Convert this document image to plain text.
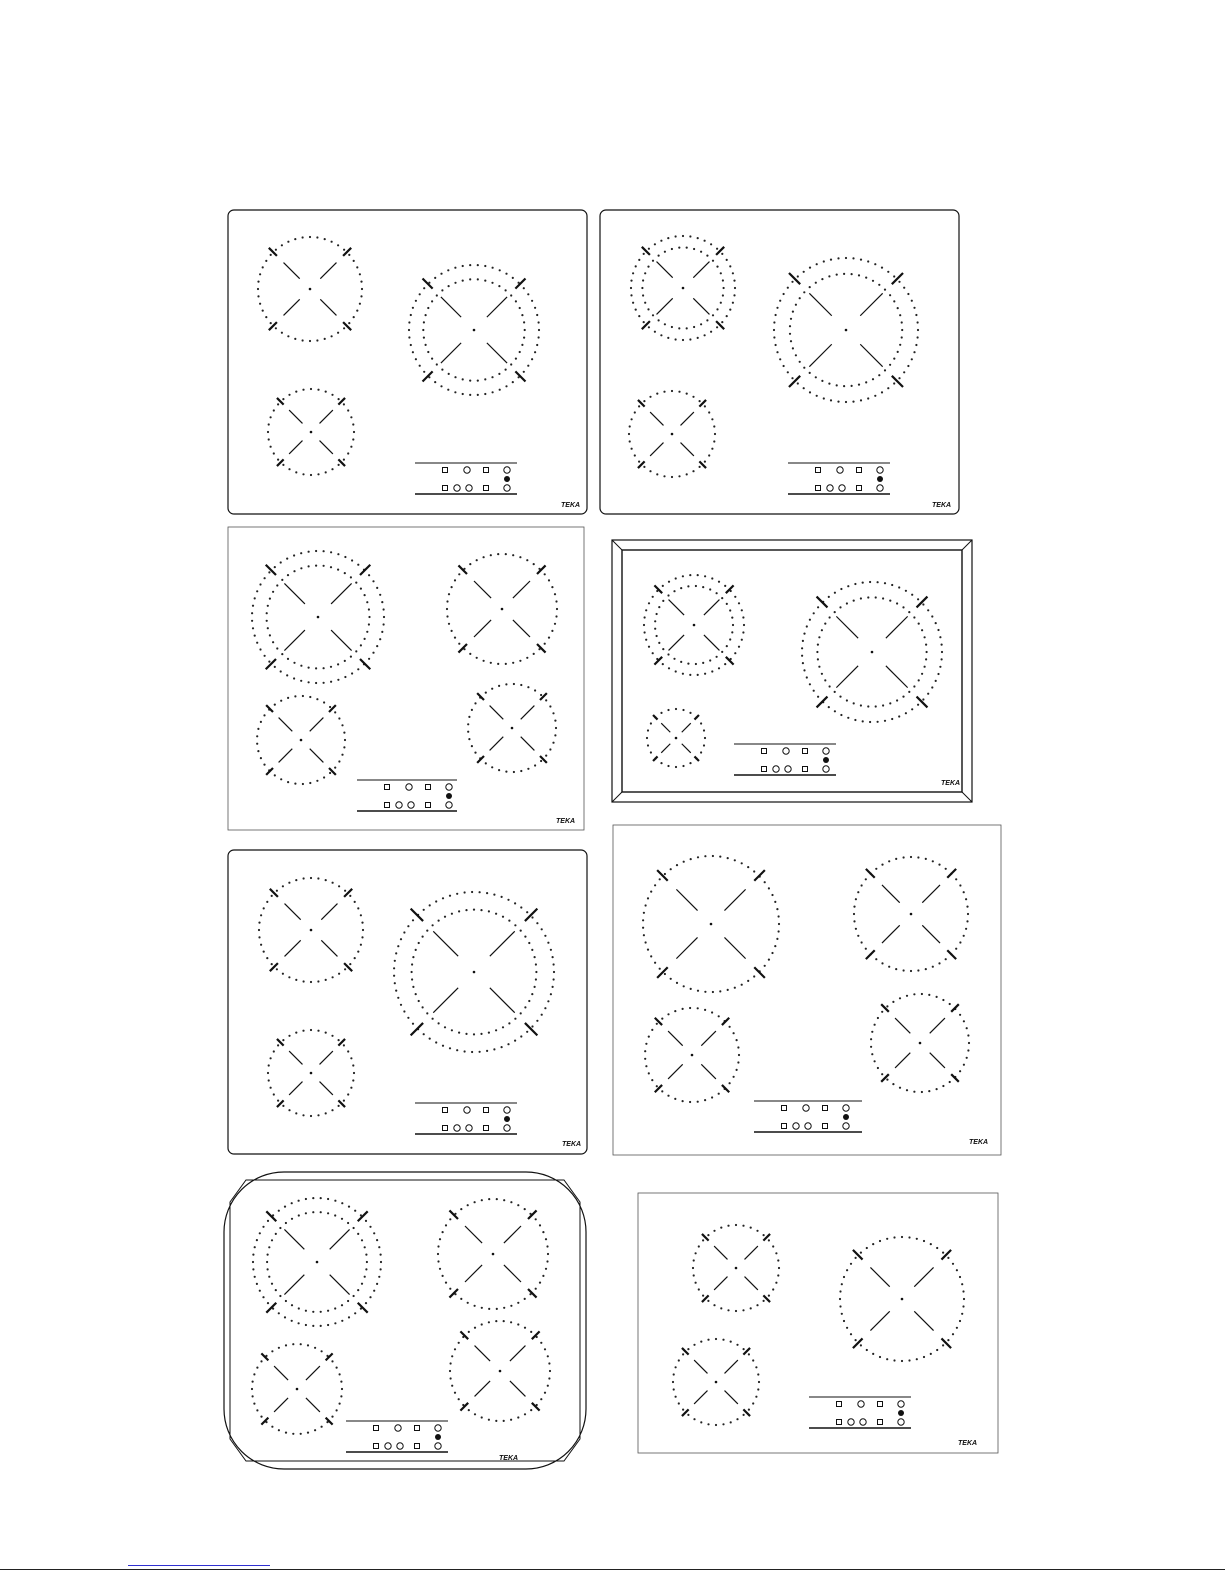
TEKA	TEKA
TEKA
TEKA
TEKA	TEKA
TEKA
TEKA
